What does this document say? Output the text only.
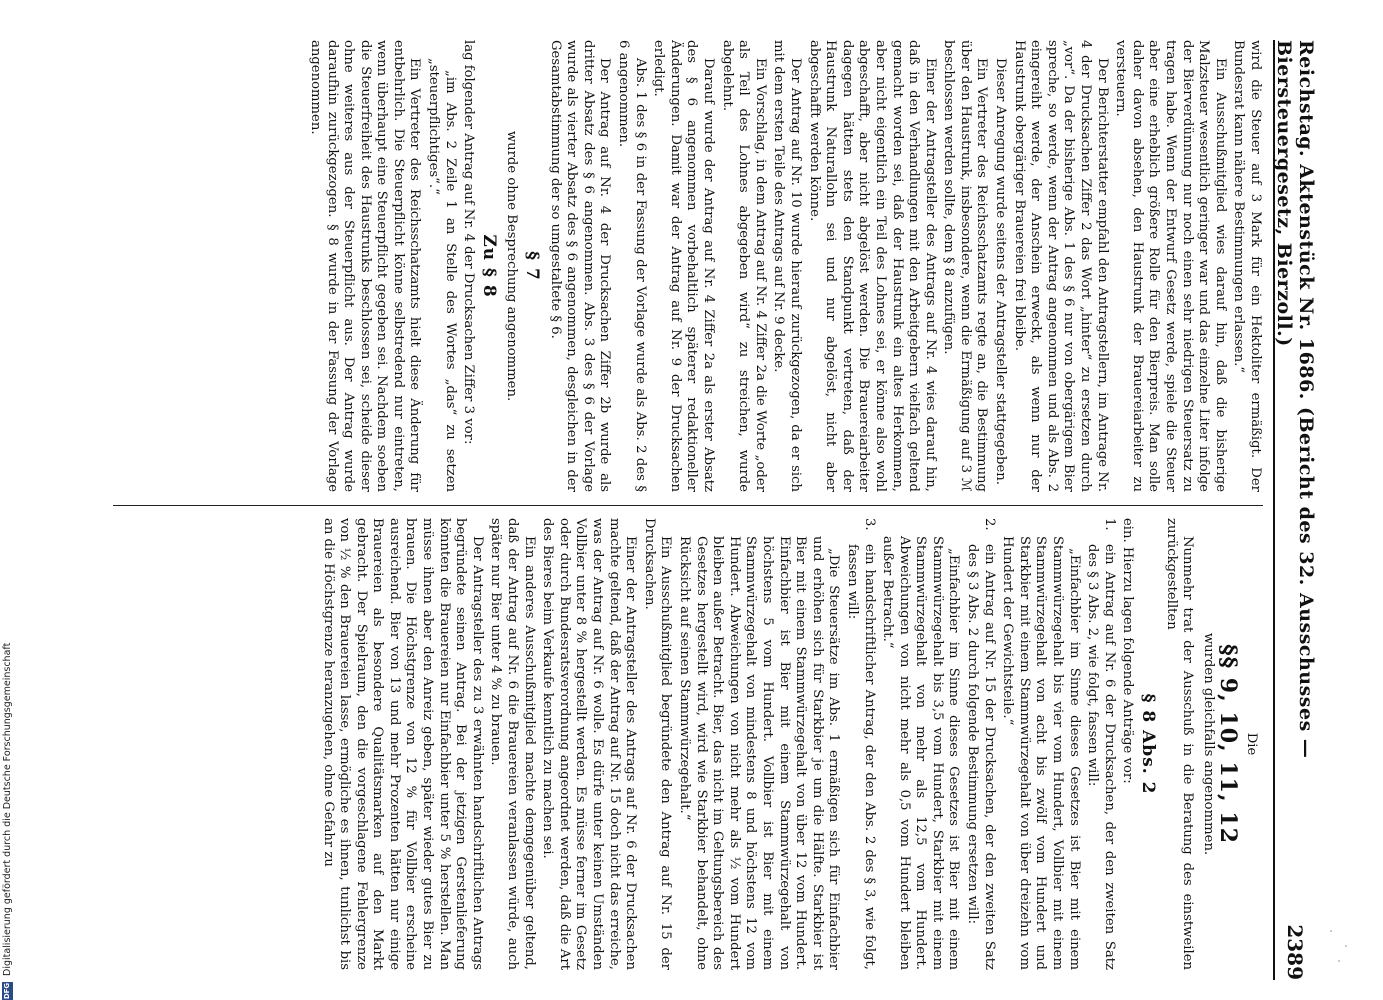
Reichstag. Aktenstück Nr. 1686. (Bericht des 32. Ausschusses — Biersteuergesetz, Bierzoll.)
2389

wird die Steuer auf 3 Mark für ein Hektoliter ermäßigt. Der Bundesrat kann nähere Bestimmungen erlassen.“

Ein Ausschußmitglied wies darauf hin, daß die bisherige Malzsteuer wesentlich geringer war und das einzelne Liter infolge der Bierverdünnung nur noch einen sehr niedrigen Steuersatz zu tragen habe. Wenn der Entwurf Gesetz werde, spiele die Steuer aber eine erheblich größere Rolle für den Bierpreis. Man solle daher davon absehen, den Haustrunk der Brauereiarbeiter zu versteuern.

Der Berichterstatter empfahl den Antragstellern, im Antrage Nr. 4 der Drucksachen Ziffer 2 das Wort „hinter“ zu ersetzen durch „vor“. Da der bisherige Abs. 1 des § 6 nur von obergärigem Bier spreche, so werde, wenn der Antrag angenommen und als Abs. 2 eingereiht werde, der Anschein erweckt, als wenn nur der Haustrunk obergäriger Brauereien frei bleibe.

Dieser Anregung wurde seitens der Antragsteller stattgegeben.

Ein Vertreter des Reichsschatzamts regte an, die Bestimmung über den Haustrunk, insbesondere, wenn die Ermäßigung auf 3 ℳ beschlossen werden sollte, dem § 8 anzufügen.

Einer der Antragsteller des Antrags auf Nr. 4 wies darauf hin, daß in den Verhandlungen mit den Arbeitgebern vielfach geltend gemacht worden sei, daß der Haustrunk ein altes Herkommen, aber nicht eigentlich ein Teil des Lohnes sei, er könne also wohl abgeschafft, aber nicht abgelöst werden. Die Brauereiarbeiter dagegen hätten stets den Standpunkt vertreten, daß der Haustrunk Naturallohn sei und nur abgelöst, nicht aber abgeschafft werden könne.

Der Antrag auf Nr. 10 wurde hierauf zurückgezogen, da er sich mit dem ersten Teile des Antrags auf Nr. 9 decke.

Ein Vorschlag, in dem Antrag auf Nr. 4 Ziffer 2a die Worte „oder als Teil des Lohnes abgegeben wird“ zu streichen, wurde abgelehnt.

Darauf wurde der Antrag auf Nr. 4 Ziffer 2a als erster Absatz des § 6 angenommen vorbehaltlich späterer redaktioneller Änderungen. Damit war der Antrag auf Nr. 9 der Drucksachen erledigt.

Abs. 1 des § 6 in der Fassung der Vorlage wurde als Abs. 2 des § 6 angenommen.

Der Antrag auf Nr. 4 der Drucksachen Ziffer 2b wurde als dritter Absatz des § 6 angenommen. Abs. 3 des § 6 der Vorlage wurde als vierter Absatz des § 6 angenommen, desgleichen in der Gesamtabstimmung der so umgestaltete § 6.

§ 7

wurde ohne Besprechung angenommen.

Zu § 8

lag folgender Antrag auf Nr. 4 der Drucksachen Ziffer 3 vor:

„im Abs. 2 Zeile 1 an Stelle des Wortes „das“ zu setzen „steuerpflichtiges“.“

Ein Vertreter des Reichsschatzamts hielt diese Änderung für entbehrlich. Die Steuerpflicht könne selbstredend nur eintreten, wenn überhaupt eine Steuerpflicht gegeben sei. Nachdem soeben die Steuerfreiheit des Haustrunks beschlossen sei, scheide dieser ohne weiteres aus der Steuerpflicht aus. Der Antrag wurde daraufhin zurückgezogen. § 8 wurde in der Fassung der Vorlage angenommen.

Die

§§ 9, 10, 11, 12

wurden gleichfalls angenommen.

Nunmehr trat der Ausschuß in die Beratung des einstweilen zurückgestellten

§ 8 Abs. 2

ein. Hierzu lagen folgende Anträge vor:

1.
ein Antrag auf Nr. 6 der Drucksachen, der den zweiten Satz des § 3 Abs. 2, wie folgt, fassen will:

„Einfachbier im Sinne dieses Gesetzes ist Bier mit einem Stammwürzegehalt bis vier vom Hundert, Vollbier mit einem Stammwürzegehalt von acht bis zwölf vom Hundert und Starkbier mit einem Stammwürzegehalt von über dreizehn vom Hundert der Gewichtsteile.“

2.
ein Antrag auf Nr. 15 der Drucksachen, der den zweiten Satz des § 3 Abs. 2 durch folgende Bestimmung ersetzen will:

„Einfachbier im Sinne dieses Gesetzes ist Bier mit einem Stammwürzegehalt bis 3,5 vom Hundert, Starkbier mit einem Stammwürzegehalt von mehr als 12,5 vom Hundert. Abweichungen von nicht mehr als 0,5 vom Hundert bleiben außer Betracht.“

3.
ein handschriftlicher Antrag, der den Abs. 2 des § 3, wie folgt, fassen will:

„Die Steuersätze im Abs. 1 ermäßigen sich für Einfachbier und erhöhen sich für Starkbier je um die Hälfte. Starkbier ist Bier mit einem Stammwürzegehalt von über 12 vom Hundert. Einfachbier ist Bier mit einem Stammwürzegehalt von höchstens 5 vom Hundert. Vollbier ist Bier mit einem Stammwürzegehalt von mindestens 8 und höchstens 12 vom Hundert. Abweichungen von nicht mehr als ½ vom Hundert bleiben außer Betracht. Bier, das nicht im Geltungsbereich des Gesetzes hergestellt wird, wird wie Starkbier behandelt, ohne Rücksicht auf seinen Stammwürzegehalt.“

Ein Ausschußmitglied begründete den Antrag auf Nr. 15 der Drucksachen.

Einer der Antragsteller des Antrags auf Nr. 6 der Drucksachen machte geltend, daß der Antrag auf Nr. 15 doch nicht das erreiche, was der Antrag auf Nr. 6 wolle. Es dürfe unter keinen Umständen Vollbier unter 8 % hergestellt werden. Es müsse ferner im Gesetz oder durch Bundesratsverordnung angeordnet werden, daß die Art des Bieres beim Verkaufe kenntlich zu machen sei.

Ein anderes Ausschußmitglied machte demgegenüber geltend, daß der Antrag auf Nr. 6 die Brauereien veranlassen würde, auch später nur Bier unter 4 % zu brauen.

Der Antragsteller des zu 3 erwähnten handschriftlichen Antrags begründete seinen Antrag. Bei der jetzigen Gerstenlieferung könnten die Brauereien nur Einfachbier unter 5 % herstellen. Man müsse ihnen aber den Anreiz geben, später wieder gutes Bier zu brauen. Die Höchstgrenze von 12 % für Vollbier erscheine ausreichend. Bier von 13 und mehr Prozenten hätten nur einige Brauereien als besondere Qualitätsmarken auf den Markt gebracht. Der Spielraum, den die vorgeschlagene Fehlergrenze von ½ % den Brauereien lasse, ermögliche es ihnen, tunlichst bis an die Höchstgrenze heranzugehen, ohne Gefahr zu

DFG
Digitalisierung gefördert durch die Deutsche Forschungsgemeinschaft
